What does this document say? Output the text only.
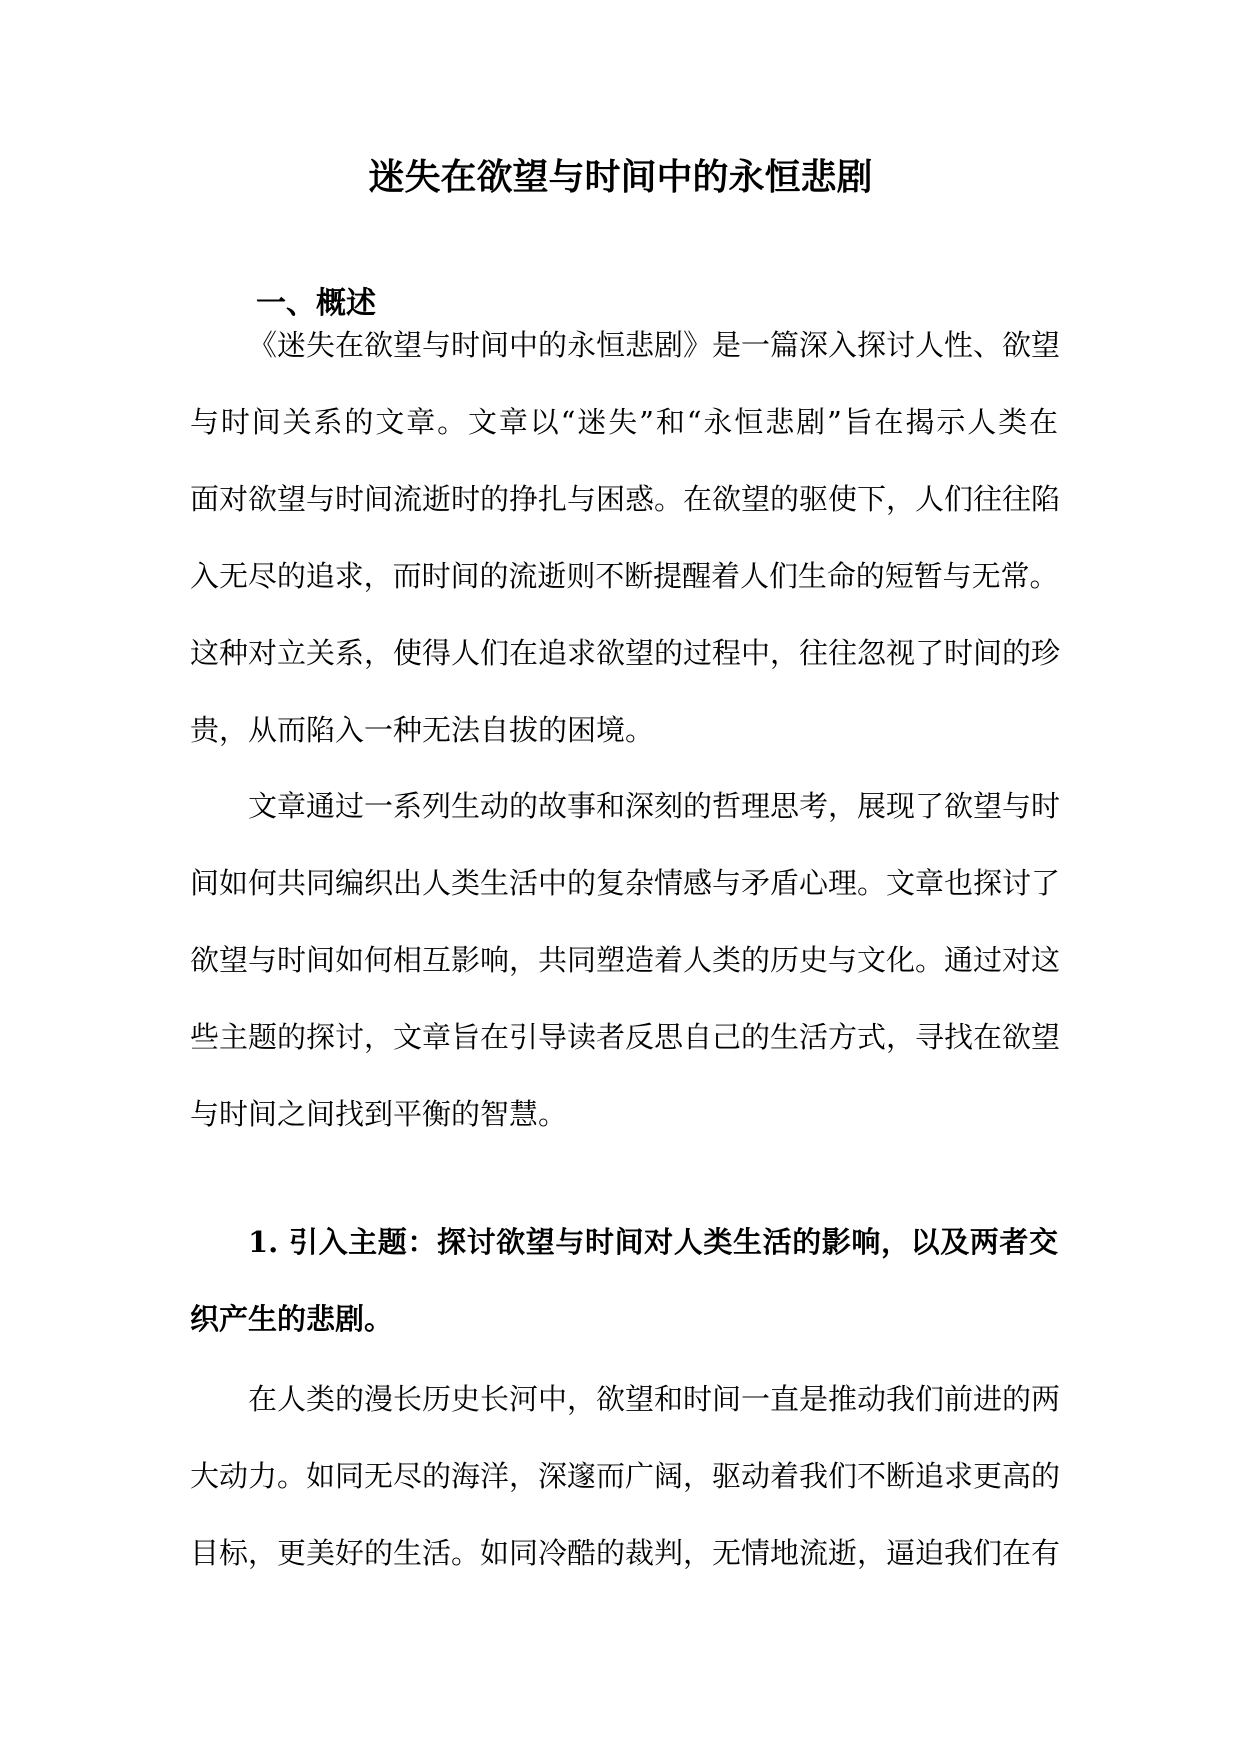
迷失在欲望与时间中的永恒悲剧
一、概述
《迷失在欲望与时间中的永恒悲剧》是一篇深入探讨人性、欲望
与时间关系的文章。文章以“迷失”和“永恒悲剧”旨在揭示人类在
面对欲望与时间流逝时的挣扎与困惑。在欲望的驱使下，人们往往陷
入无尽的追求，而时间的流逝则不断提醒着人们生命的短暂与无常。
这种对立关系，使得人们在追求欲望的过程中，往往忽视了时间的珍
贵，从而陷入一种无法自拔的困境。
文章通过一系列生动的故事和深刻的哲理思考，展现了欲望与时
间如何共同编织出人类生活中的复杂情感与矛盾心理。文章也探讨了
欲望与时间如何相互影响，共同塑造着人类的历史与文化。通过对这
些主题的探讨，文章旨在引导读者反思自己的生活方式，寻找在欲望
与时间之间找到平衡的智慧。
1. 引入主题：探讨欲望与时间对人类生活的影响，以及两者交
织产生的悲剧。
在人类的漫长历史长河中，欲望和时间一直是推动我们前进的两
大动力。如同无尽的海洋，深邃而广阔，驱动着我们不断追求更高的
目标，更美好的生活。如同冷酷的裁判，无情地流逝，逼迫我们在有
